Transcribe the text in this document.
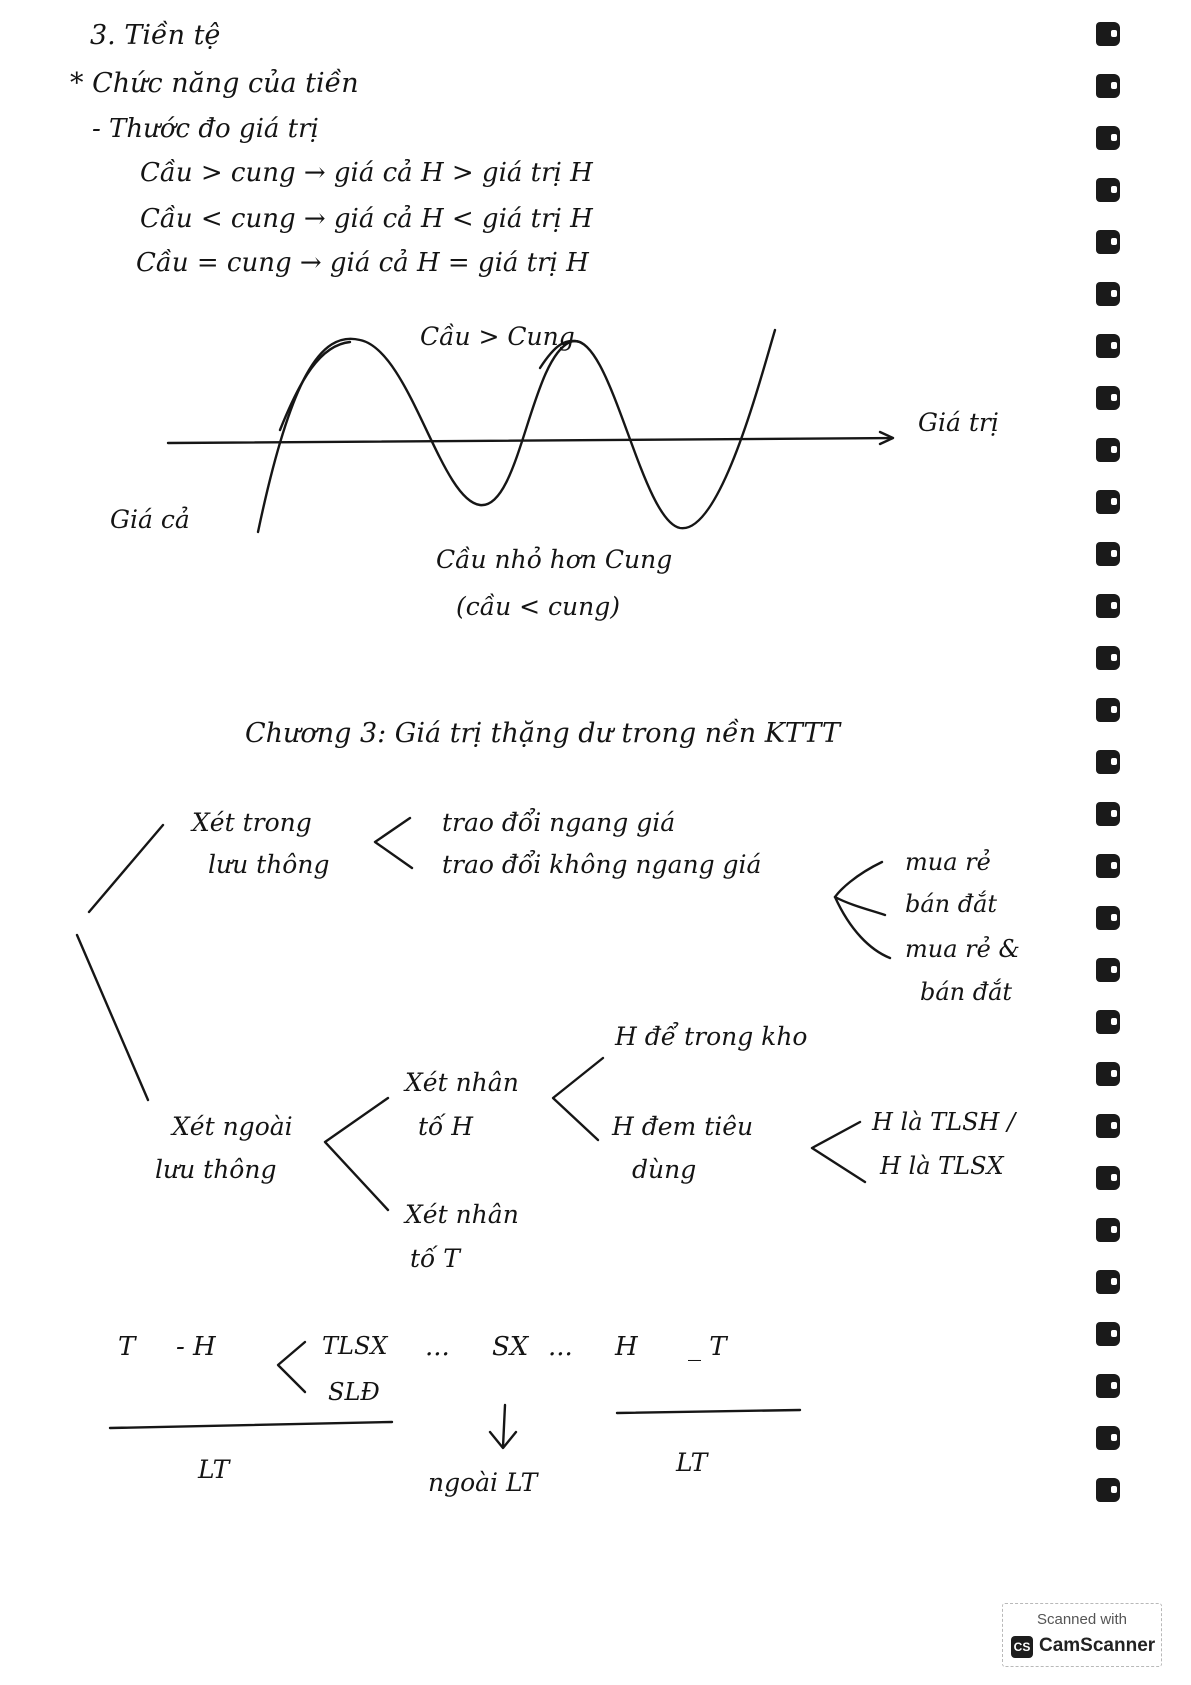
3. Tiền tệ
* Chức năng của tiền
- Thước đo giá trị
Cầu > cung → giá cả H > giá trị H
Cầu < cung → giá cả H < giá trị H
Cầu = cung → giá cả H = giá trị H
Cầu > Cung
Giá trị
Giá cả
Cầu nhỏ hơn Cung
(cầu < cung)
Chương 3: Giá trị thặng dư trong nền KTTT
Xét trong
lưu thông
trao đổi ngang giá
trao đổi không ngang giá	mua rẻ
bán đắt
mua rẻ &
bán đắt
Xét ngoài
lưu thông
Xét nhân
tố H
Xét nhân
tố T
H để trong kho
H đem tiêu
dùng
H là TLSH /
H là TLSX
T - H	TLSX
SLĐ
... SX ... H _ T
LT	ngoài LT
LT
Scanned with
CS CamScanner
